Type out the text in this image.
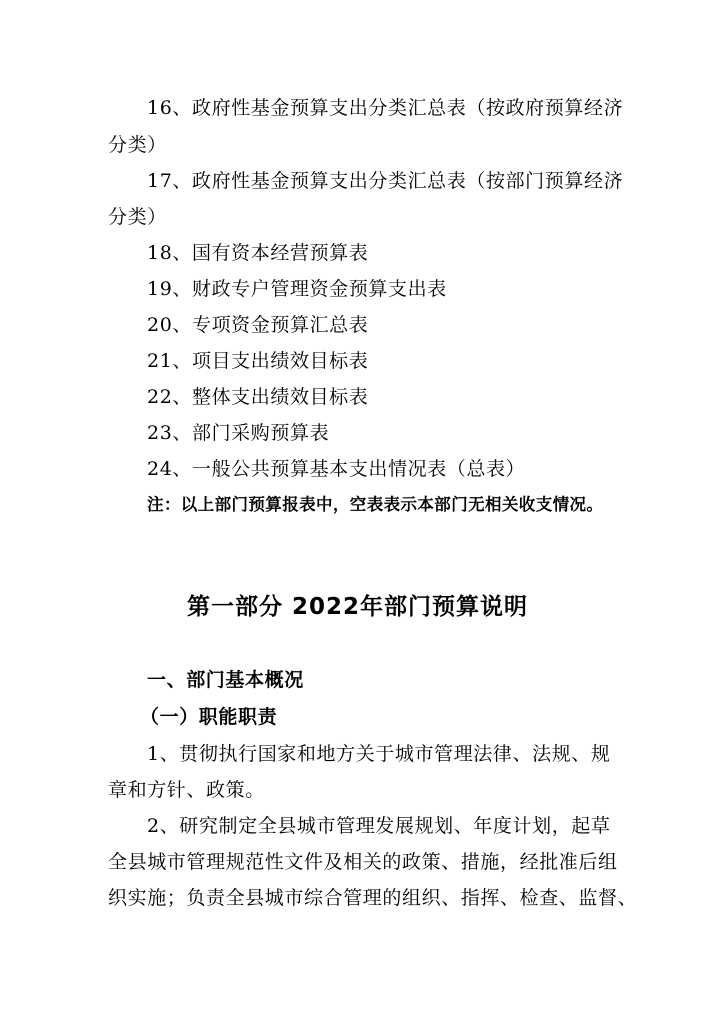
16、政府性基金预算支出分类汇总表（按政府预算经济
分类）
17、政府性基金预算支出分类汇总表（按部门预算经济
分类）
18、国有资本经营预算表
19、财政专户管理资金预算支出表
20、专项资金预算汇总表
21、项目支出绩效目标表
22、整体支出绩效目标表
23、部门采购预算表
24、一般公共预算基本支出情况表（总表）
注：以上部门预算报表中，空表表示本部门无相关收支情况。
第一部分 2022年部门预算说明
一、部门基本概况
（一）职能职责
1、贯彻执行国家和地方关于城市管理法律、法规、规
章和方针、政策。
2、研究制定全县城市管理发展规划、年度计划，起草
全县城市管理规范性文件及相关的政策、措施，经批准后组
织实施；负责全县城市综合管理的组织、指挥、检查、监督、
